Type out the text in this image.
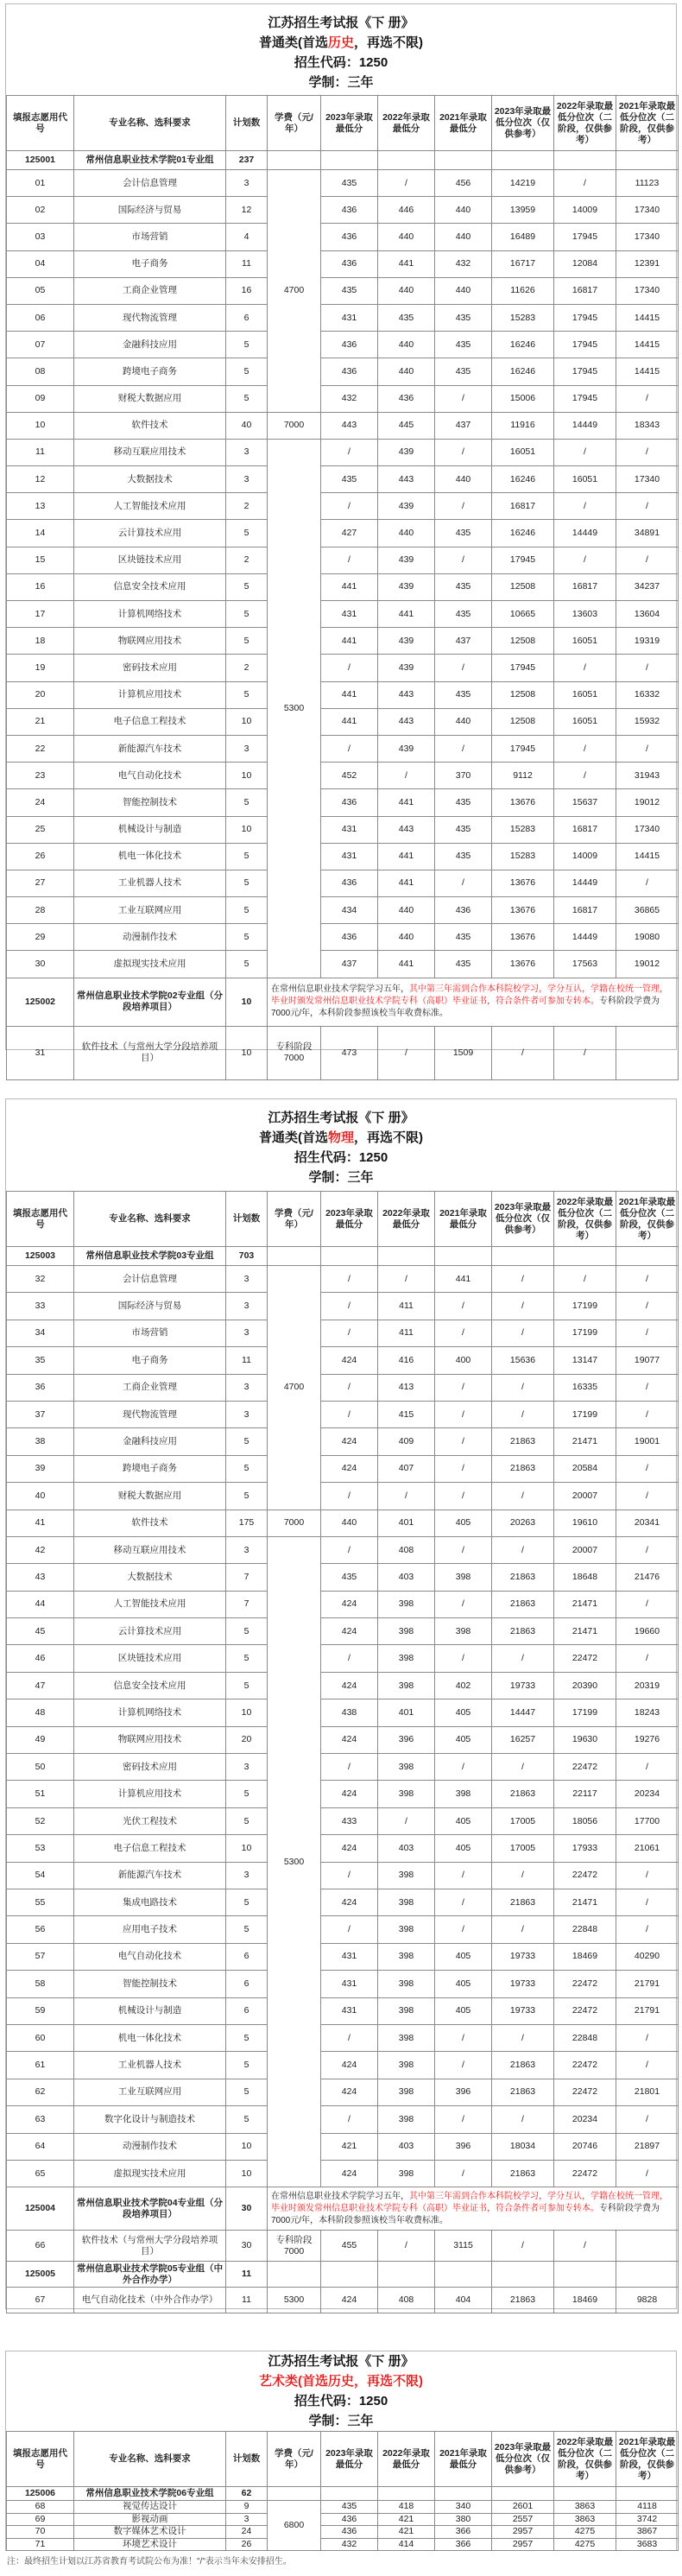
江苏招生考试报《下 册》
普通类(首选历史，再选不限)
招生代码：1250
学制：三年
填报志愿用代号	专业名称、选科要求	计划数	学费（元/年）	2023年录取最低分	2022年录取最低分	2021年录取最低分	2023年录取最低分位次（仅供参考）	2022年录取最低分位次（二阶段，仅供参考）	2021年录取最低分位次（二阶段，仅供参考）
125001	常州信息职业技术学院01专业组	237							
01	会计信息管理	3	4700	435	/	456	14219	/	11123
02	国际经济与贸易	12		436	446	440	13959	14009	17340
03	市场营销	4		436	440	440	16489	17945	17340
04	电子商务	11		436	441	432	16717	12084	12391
05	工商企业管理	16		435	440	440	11626	16817	17340
06	现代物流管理	6		431	435	435	15283	17945	14415
07	金融科技应用	5		436	440	435	16246	17945	14415
08	跨境电子商务	5		436	440	435	16246	17945	14415
09	财税大数据应用	5		432	436	/	15006	17945	/
10	软件技术	40	7000	443	445	437	11916	14449	18343
11	移动互联应用技术	3	5300	/	439	/	16051	/	/
12	大数据技术	3		435	443	440	16246	16051	17340
13	人工智能技术应用	2		/	439	/	16817	/	/
14	云计算技术应用	5		427	440	435	16246	14449	34891
15	区块链技术应用	2		/	439	/	17945	/	/
16	信息安全技术应用	5		441	439	435	12508	16817	34237
17	计算机网络技术	5		431	441	435	10665	13603	13604
18	物联网应用技术	5		441	439	437	12508	16051	19319
19	密码技术应用	2		/	439	/	17945	/	/
20	计算机应用技术	5		441	443	435	12508	16051	16332
21	电子信息工程技术	10		441	443	440	12508	16051	15932
22	新能源汽车技术	3		/	439	/	17945	/	/
23	电气自动化技术	10		452	/	370	9112	/	31943
24	智能控制技术	5		436	441	435	13676	15637	19012
25	机械设计与制造	10		431	443	435	15283	16817	17340
26	机电一体化技术	5		431	441	435	15283	14009	14415
27	工业机器人技术	5		436	441	/	13676	14449	/
28	工业互联网应用	5		434	440	436	13676	16817	36865
29	动漫制作技术	5		436	440	435	13676	14449	19080
30	虚拟现实技术应用	5		437	441	435	13676	17563	19012
125002	常州信息职业技术学院02专业组（分段培养项目）	10	在常州信息职业技术学院学习五年，其中第三年需到合作本科院校学习，学分互认，学籍在校统一管理，毕业时颁发常州信息职业技术学院专科（高职）毕业证书，符合条件者可参加专转本。专科阶段学费为7000元/年，本科阶段参照该校当年收费标准。						
31	软件技术（与常州大学分段培养项目）	10	专科阶段7000	473	/	1509	/	/	
江苏招生考试报《下 册》
普通类(首选物理，再选不限)
招生代码：1250
学制：三年
填报志愿用代号	专业名称、选科要求	计划数	学费（元/年）	2023年录取最低分	2022年录取最低分	2021年录取最低分	2023年录取最低分位次（仅供参考）	2022年录取最低分位次（二阶段，仅供参考）	2021年录取最低分位次（二阶段，仅供参考）
125003	常州信息职业技术学院03专业组	703							
32	会计信息管理	3	4700	/	/	441	/	/	/
33	国际经济与贸易	3		/	411	/	/	17199	/
34	市场营销	3		/	411	/	/	17199	/
35	电子商务	11		424	416	400	15636	13147	19077
36	工商企业管理	3		/	413	/	/	16335	/
37	现代物流管理	3		/	415	/	/	17199	/
38	金融科技应用	5		424	409	/	21863	21471	19001
39	跨境电子商务	5		424	407	/	21863	20584	/
40	财税大数据应用	5		/	/	/	/	20007	/
41	软件技术	175	7000	440	401	405	20263	19610	20341
42	移动互联应用技术	3	5300	/	408	/	/	20007	/
43	大数据技术	7		435	403	398	21863	18648	21476
44	人工智能技术应用	7		424	398	/	21863	21471	/
45	云计算技术应用	5		424	398	398	21863	21471	19660
46	区块链技术应用	5		/	398	/	/	22472	/
47	信息安全技术应用	5		424	398	402	19733	20390	20319
48	计算机网络技术	10		438	401	405	14447	17199	18243
49	物联网应用技术	20		424	396	405	16257	19630	19276
50	密码技术应用	3		/	398	/	/	22472	/
51	计算机应用技术	5		424	398	398	21863	22117	20234
52	光伏工程技术	5		433	/	405	17005	18056	17700
53	电子信息工程技术	10		424	403	405	17005	17933	21061
54	新能源汽车技术	3		/	398	/	/	22472	/
55	集成电路技术	5		424	398	/	21863	21471	/
56	应用电子技术	5		/	398	/	/	22848	/
57	电气自动化技术	6		431	398	405	19733	18469	40290
58	智能控制技术	6		431	398	405	19733	22472	21791
59	机械设计与制造	6		431	398	405	19733	22472	21791
60	机电一体化技术	5		/	398	/	/	22848	/
61	工业机器人技术	5		424	398	/	21863	22472	/
62	工业互联网应用	5		424	398	396	21863	22472	21801
63	数字化设计与制造技术	5		/	398	/	/	20234	/
64	动漫制作技术	10		421	403	396	18034	20746	21897
65	虚拟现实技术应用	10		424	398	/	21863	22472	/
125004	常州信息职业技术学院04专业组（分段培养项目）	30	在常州信息职业技术学院学习五年，其中第三年需到合作本科院校学习，学分互认，学籍在校统一管理，毕业时颁发常州信息职业技术学院专科（高职）毕业证书，符合条件者可参加专转本。专科阶段学费为7000元/年，本科阶段参照该校当年收费标准。						
66	软件技术（与常州大学分段培养项目）	30	专科阶段7000	455	/	3115	/	/	
125005	常州信息职业技术学院05专业组（中外合作办学）	11							
67	电气自动化技术（中外合作办学）	11	5300	424	408	404	21863	18469	9828
江苏招生考试报《下 册》
艺术类(首选历史，再选不限)
招生代码：1250
学制：三年
填报志愿用代号	专业名称、选科要求	计划数	学费（元/年）	2023年录取最低分	2022年录取最低分	2021年录取最低分	2023年录取最低分位次（仅供参考）	2022年录取最低分位次（二阶段，仅供参考）	2021年录取最低分位次（二阶段，仅供参考）
125006	常州信息职业技术学院06专业组	62							
68	视觉传达设计	9	6800	435	418	340	2601	3863	4118
69	影视动画	3		436	421	380	2557	3863	3742
70	数字媒体艺术设计	24		436	421	366	2957	4275	3867
71	环境艺术设计	26		432	414	366	2957	4275	3683
注：最终招生计划以江苏省教育考试院公布为准！"/"表示当年未安排招生。
